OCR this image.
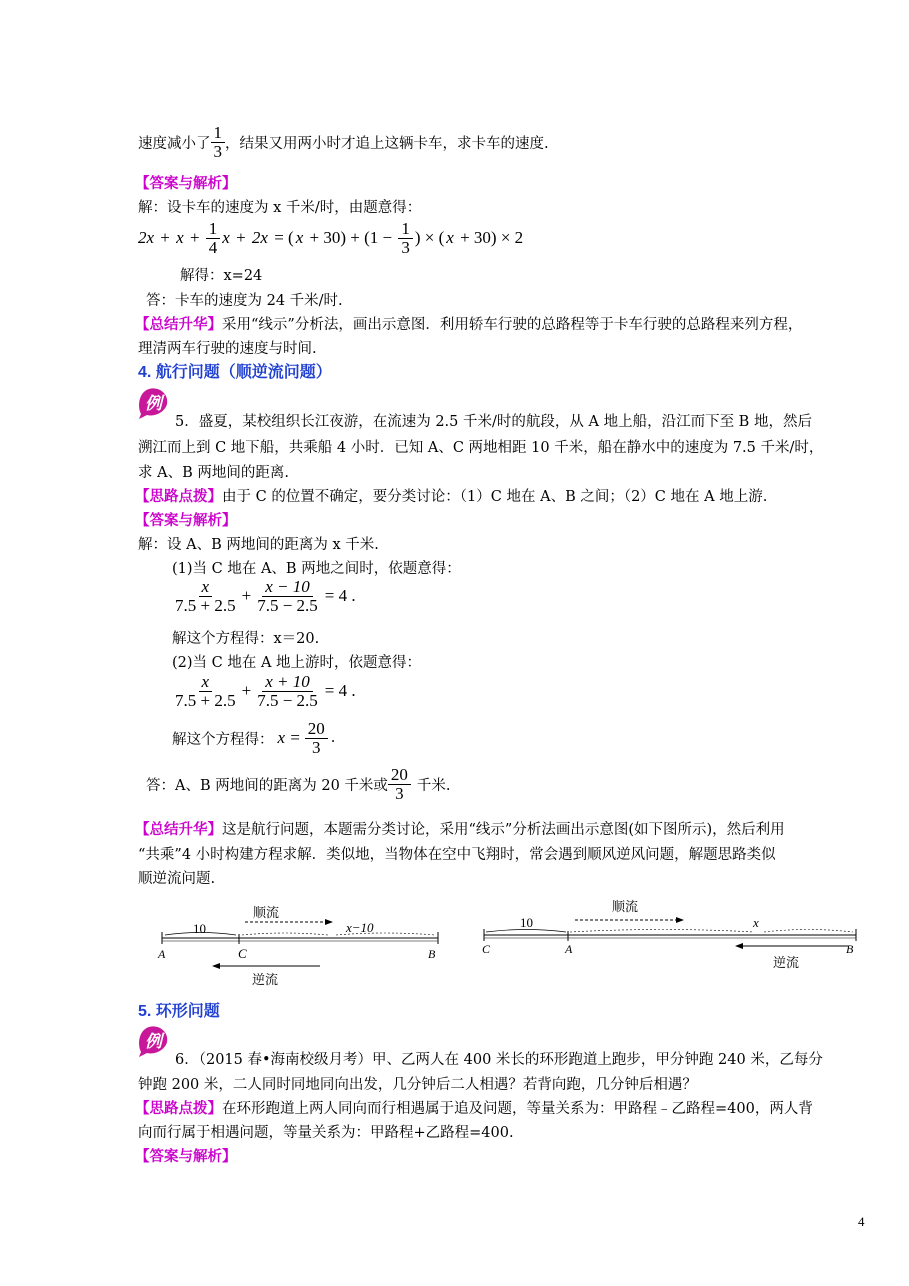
速度减小了 $\frac{1}{3}$ ，结果又用两小时才追上这辆卡车，求卡车的速度.
【答案与解析】
解：设卡车的速度为 x 千米/时，由题意得：
$2x + x + \frac{1}{4}$ x + 2x = ( $x + 30) + (1 - \frac{1}{3}$ ) × ( x + 30) × 2
解得：x=24
答：卡车的速度为 24 千米/时.
【总结升华】采用“线示”分析法，画出示意图．利用轿车行驶的总路程等于卡车行驶的总路程来列方程，
理清两车行驶的速度与时间.
4. 航行问题（顺逆流问题）
例
5．盛夏，某校组织长江夜游，在流速为 2.5 千米/时的航段，从 A 地上船，沿江而下至 B 地，然后
溯江而上到 C 地下船，共乘船 4 小时．已知 A、C 两地相距 10 千米，船在静水中的速度为 7.5 千米/时，
求 A、B 两地间的距离.
【思路点拨】由于 C 的位置不确定，要分类讨论：（1）C 地在 A、B 之间；（2）C 地在 A 地上游.
【答案与解析】
解：设 A、B 两地间的距离为 x 千米.
(1)当 C 地在 A、B 两地之间时，依题意得：
$\frac{x}{7.5 + 2.5} + \frac{x - 10}{7.5 - 2.5} = 4$ .
解这个方程得：x＝20.
(2)当 C 地在 A 地上游时，依题意得：
$\frac{x}{7.5 + 2.5} + \frac{x + 10}{7.5 - 2.5} = 4$ .
解这个方程得： $x = \frac{20}{3}$ .
答：A、B 两地间的距离为 20 千米或 $\frac{20}{3}$ 千米.
【总结升华】这是航行问题，本题需分类讨论，采用“线示”分析法画出示意图(如下图所示)，然后利用
“共乘”4 小时构建方程求解．类似地，当物体在空中飞翔时，常会遇到顺风逆风问题，解题思路类似
顺逆流问题.
10
顺流
x−10
A	C	B
逆流
10
顺流
x
C	A	B
逆流
5. 环形问题
例
6．（2015 春•海南校级月考）甲、乙两人在 400 米长的环形跑道上跑步，甲分钟跑 240 米，乙每分
钟跑 200 米，二人同时同地同向出发，几分钟后二人相遇？若背向跑，几分钟后相遇？
【思路点拨】在环形跑道上两人同向而行相遇属于追及问题，等量关系为：甲路程﹣乙路程=400，两人背
向而行属于相遇问题，等量关系为：甲路程+乙路程=400.
【答案与解析】
4
